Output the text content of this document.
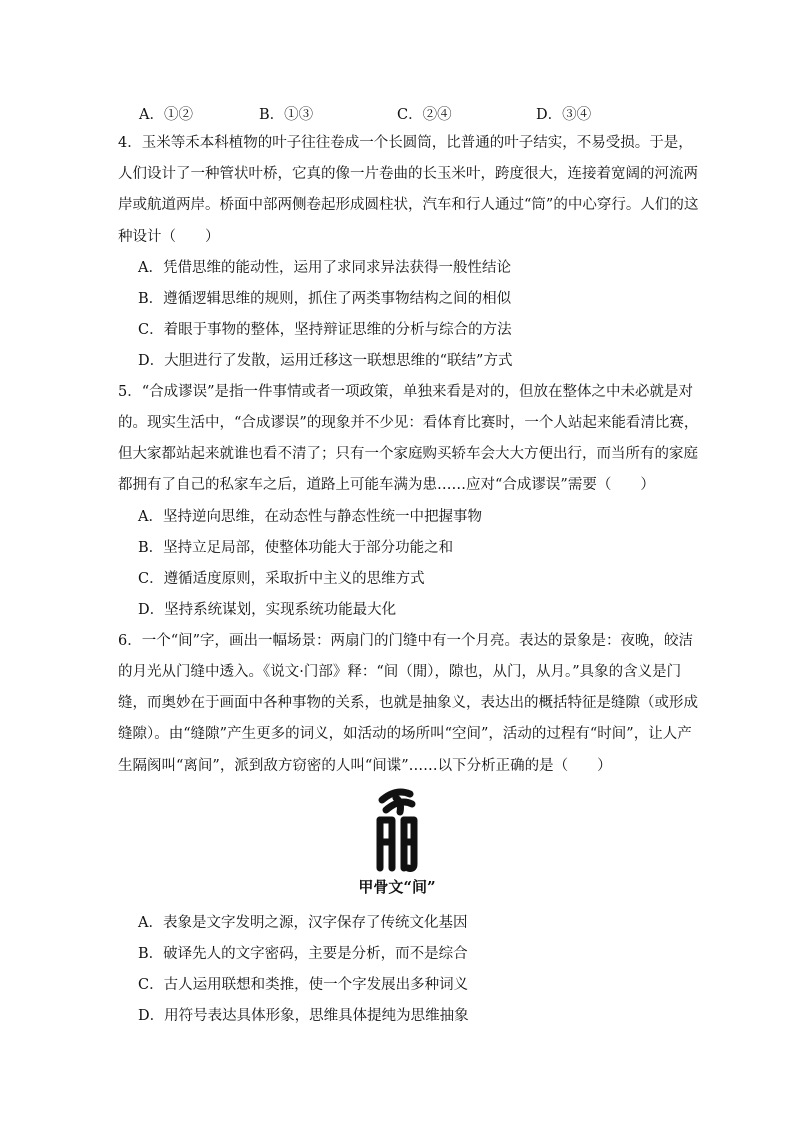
A．①②	B．①③	C．②④	D．③④
4．玉米等禾本科植物的叶子往往卷成一个长圆筒，比普通的叶子结实，不易受损。于是，
人们设计了一种管状叶桥，它真的像一片卷曲的长玉米叶，跨度很大，连接着宽阔的河流两
岸或航道两岸。桥面中部两侧卷起形成圆柱状，汽车和行人通过“筒”的中心穿行。人们的这
种设计（　　）
A．凭借思维的能动性，运用了求同求异法获得一般性结论
B．遵循逻辑思维的规则，抓住了两类事物结构之间的相似
C．着眼于事物的整体，坚持辩证思维的分析与综合的方法
D．大胆进行了发散，运用迁移这一联想思维的“联结”方式
5．“合成谬误”是指一件事情或者一项政策，单独来看是对的，但放在整体之中未必就是对
的。现实生活中，“合成谬误”的现象并不少见：看体育比赛时，一个人站起来能看清比赛，
但大家都站起来就谁也看不清了；只有一个家庭购买轿车会大大方便出行，而当所有的家庭
都拥有了自己的私家车之后，道路上可能车满为患……应对“合成谬误”需要（　　）
A．坚持逆向思维，在动态性与静态性统一中把握事物
B．坚持立足局部，使整体功能大于部分功能之和
C．遵循适度原则，采取折中主义的思维方式
D．坚持系统谋划，实现系统功能最大化
6．一个“间”字，画出一幅场景：两扇门的门缝中有一个月亮。表达的景象是：夜晚，皎洁
的月光从门缝中透入。《说文·门部》释：“间（閒），隙也，从门，从月。”具象的含义是门
缝，而奥妙在于画面中各种事物的关系，也就是抽象义，表达出的概括特征是缝隙（或形成
缝隙）。由“缝隙”产生更多的词义，如活动的场所叫“空间”，活动的过程有“时间”，让人产
生隔阂叫“离间”，派到敌方窃密的人叫“间谍”……以下分析正确的是（　　）
甲骨文“间”
A．表象是文字发明之源，汉字保存了传统文化基因
B．破译先人的文字密码，主要是分析，而不是综合
C．古人运用联想和类推，使一个字发展出多种词义
D．用符号表达具体形象，思维具体提纯为思维抽象
